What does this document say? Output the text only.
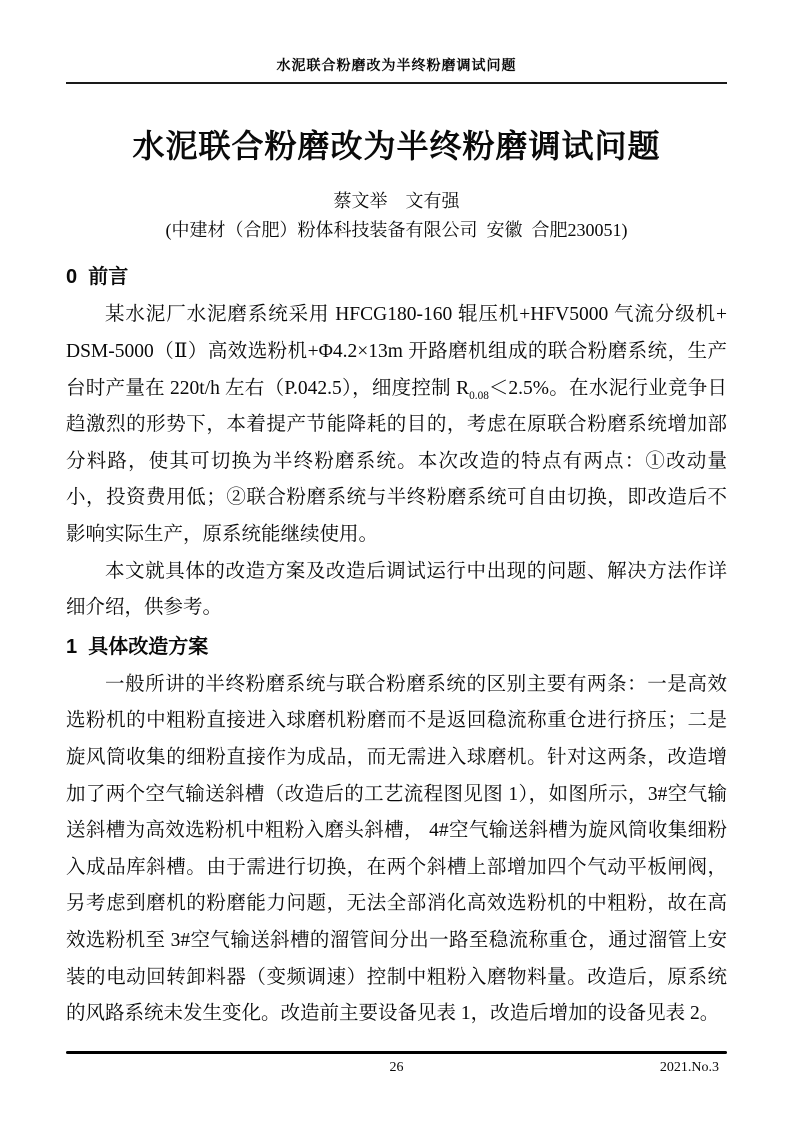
水泥联合粉磨改为半终粉磨调试问题
水泥联合粉磨改为半终粉磨调试问题
蔡文举    文有强
(中建材（合肥）粉体科技装备有限公司  安徽  合肥230051)
0  前言

某水泥厂水泥磨系统采用 HFCG180-160 辊压机+HFV5000 气流分级机+ DSM-5000（Ⅱ）高效选粉机+Φ4.2×13m 开路磨机组成的联合粉磨系统，生产台时产量在 220t/h 左右（P.042.5），细度控制 $R_{0.08}<2.5\%$。在水泥行业竞争日趋激烈的形势下，本着提产节能降耗的目的，考虑在原联合粉磨系统增加部分料路，使其可切换为半终粉磨系统。本次改造的特点有两点：①改动量小，投资费用低；②联合粉磨系统与半终粉磨系统可自由切换，即改造后不影响实际生产，原系统能继续使用。

本文就具体的改造方案及改造后调试运行中出现的问题、解决方法作详细介绍，供参考。

1  具体改造方案

一般所讲的半终粉磨系统与联合粉磨系统的区别主要有两条：一是高效选粉机的中粗粉直接进入球磨机粉磨而不是返回稳流称重仓进行挤压；二是旋风筒收集的细粉直接作为成品，而无需进入球磨机。针对这两条，改造增加了两个空气输送斜槽（改造后的工艺流程图见图 1），如图所示，3#空气输送斜槽为高效选粉机中粗粉入磨头斜槽， 4#空气输送斜槽为旋风筒收集细粉入成品库斜槽。由于需进行切换，在两个斜槽上部增加四个气动平板闸阀，另考虑到磨机的粉磨能力问题，无法全部消化高效选粉机的中粗粉，故在高效选粉机至 3#空气输送斜槽的溜管间分出一路至稳流称重仓，通过溜管上安装的电动回转卸料器（变频调速）控制中粗粉入磨物料量。改造后，原系统的风路系统未发生变化。改造前主要设备见表 1，改造后增加的设备见表 2。

26	2021.No.3
